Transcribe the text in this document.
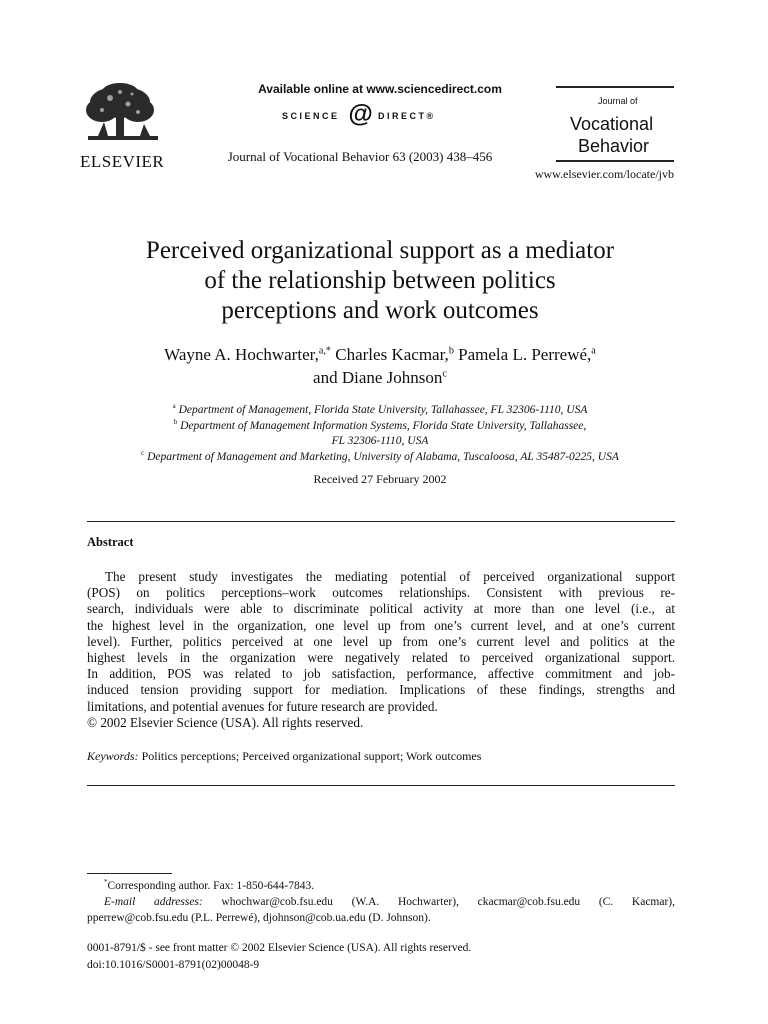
ELSEVIER
Available online at www.sciencedirect.com
SCIENCE @ DIRECT®
Journal of Vocational Behavior 63 (2003) 438–456
Journal of
Vocational
Behavior
www.elsevier.com/locate/jvb
Perceived organizational support as a mediator
of the relationship between politics
perceptions and work outcomes
Wayne A. Hochwarter,$^{a,*}$ Charles Kacmar,$^b$ Pamela L. Perrewé,$^a$
and Diane Johnson$^c$
$^a$ Department of Management, Florida State University, Tallahassee, FL 32306-1110, USA
$^b$ Department of Management Information Systems, Florida State University, Tallahassee,
FL 32306-1110, USA
$^c$ Department of Management and Marketing, University of Alabama, Tuscaloosa, AL 35487-0225, USA
Received 27 February 2002
Abstract
The present study investigates the mediating potential of perceived organizational support
(POS) on politics perceptions–work outcomes relationships. Consistent with previous re-
search, individuals were able to discriminate political activity at more than one level (i.e., at
the highest level in the organization, one level up from one’s current level, and at one’s current
level). Further, politics perceived at one level up from one’s current level and politics at the
highest levels in the organization were negatively related to perceived organizational support.
In addition, POS was related to job satisfaction, performance, affective commitment and job-
induced tension providing support for mediation. Implications of these findings, strengths and
limitations, and potential avenues for future research are provided.
© 2002 Elsevier Science (USA). All rights reserved.
Keywords: Politics perceptions; Perceived organizational support; Work outcomes
*Corresponding author. Fax: 1-850-644-7843.
E-mail addresses: whochwar@cob.fsu.edu (W.A. Hochwarter), ckacmar@cob.fsu.edu (C. Kacmar),
pperrew@cob.fsu.edu (P.L. Perrewé), djohnson@cob.ua.edu (D. Johnson).
0001-8791/$ - see front matter © 2002 Elsevier Science (USA). All rights reserved.
doi:10.1016/S0001-8791(02)00048-9
